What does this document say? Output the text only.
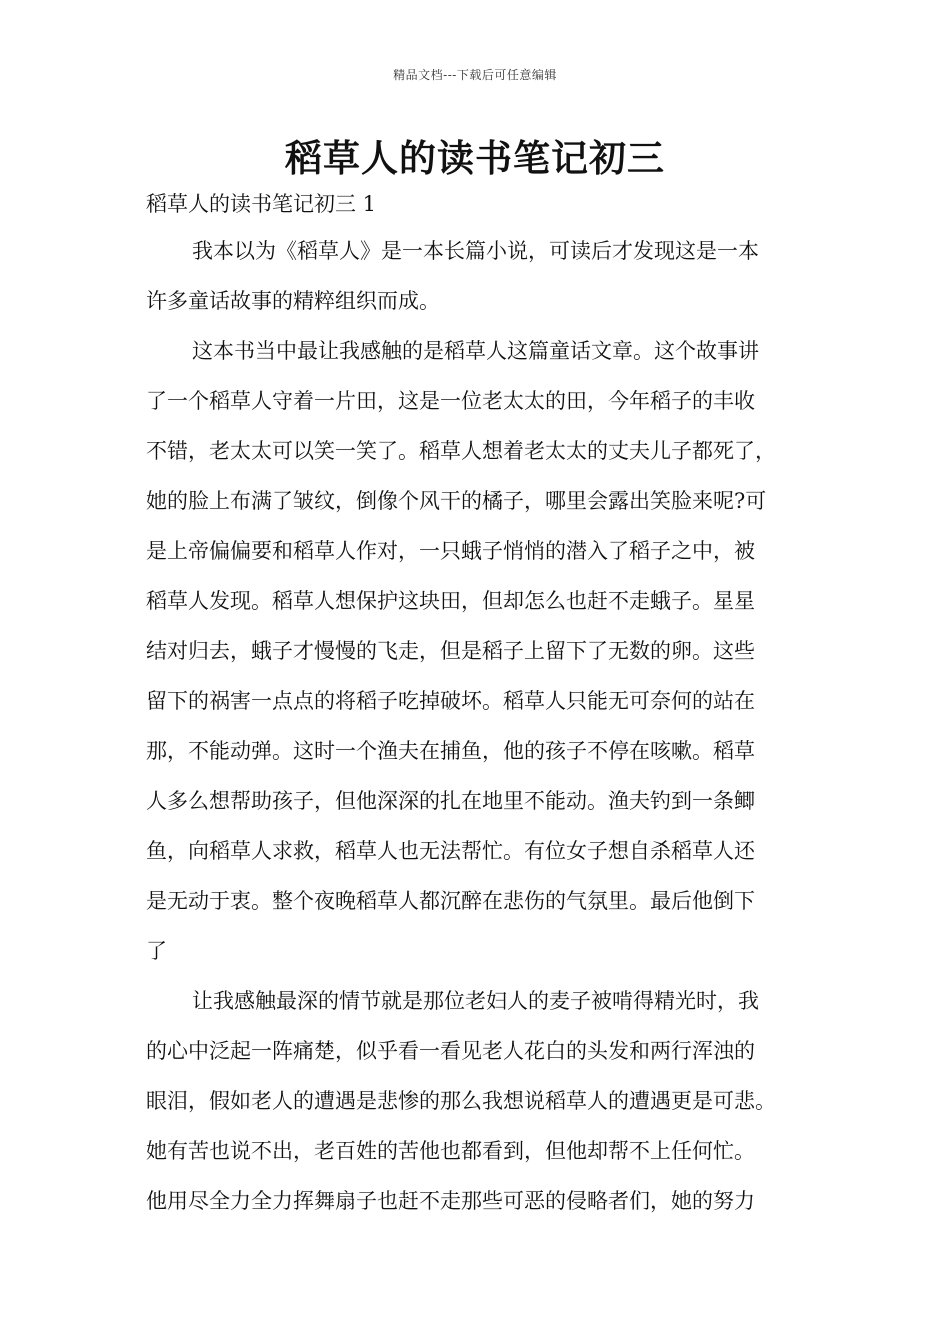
精品文档---下载后可任意编辑
稻草人的读书笔记初三
稻草人的读书笔记初三 1
我本以为《稻草人》是一本长篇小说，可读后才发现这是一本
许多童话故事的精粹组织而成。
这本书当中最让我感触的是稻草人这篇童话文章。这个故事讲
了一个稻草人守着一片田，这是一位老太太的田，今年稻子的丰收
不错，老太太可以笑一笑了。稻草人想着老太太的丈夫儿子都死了，
她的脸上布满了皱纹，倒像个风干的橘子，哪里会露出笑脸来呢?可
是上帝偏偏要和稻草人作对，一只蛾子悄悄的潜入了稻子之中，被
稻草人发现。稻草人想保护这块田，但却怎么也赶不走蛾子。星星
结对归去，蛾子才慢慢的飞走，但是稻子上留下了无数的卵。这些
留下的祸害一点点的将稻子吃掉破坏。稻草人只能无可奈何的站在
那，不能动弹。这时一个渔夫在捕鱼，他的孩子不停在咳嗽。稻草
人多么想帮助孩子，但他深深的扎在地里不能动。渔夫钓到一条鲫
鱼，向稻草人求救，稻草人也无法帮忙。有位女子想自杀稻草人还
是无动于衷。整个夜晚稻草人都沉醉在悲伤的气氛里。最后他倒下
了
让我感触最深的情节就是那位老妇人的麦子被啃得精光时，我
的心中泛起一阵痛楚，似乎看一看见老人花白的头发和两行浑浊的
眼泪，假如老人的遭遇是悲惨的那么我想说稻草人的遭遇更是可悲。
她有苦也说不出，老百姓的苦他也都看到，但他却帮不上任何忙。
他用尽全力全力挥舞扇子也赶不走那些可恶的侵略者们，她的努力
